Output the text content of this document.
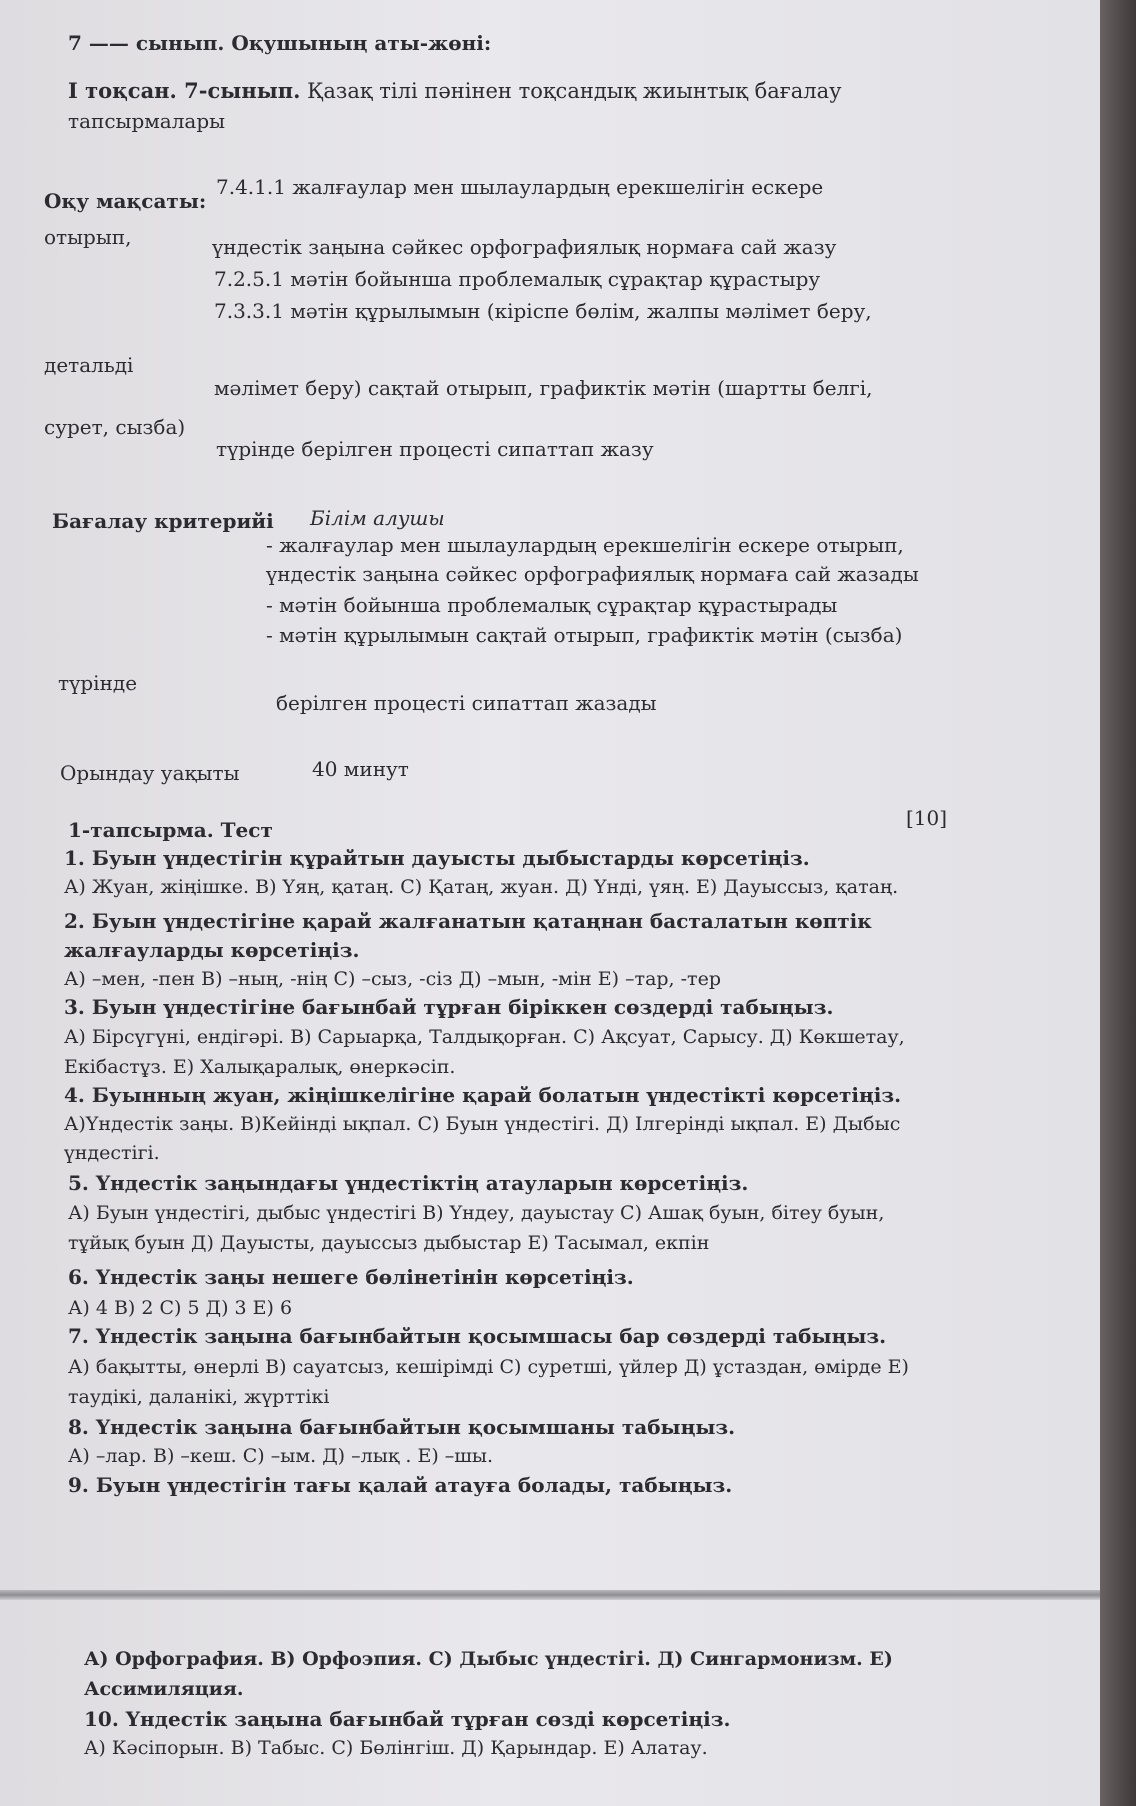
7 —— сынып. Оқушының аты-жөні:
I тоқсан. 7-сынып. Қазақ тілі пәнінен тоқсандық жиынтық бағалау
тапсырмалары
Оқу мақсаты:
7.4.1.1 жалғаулар мен шылаулардың ерекшелігін ескере
отырып,	үндестік заңына сәйкес орфографиялық нормаға сай жазу
7.2.5.1 мәтін бойынша проблемалық сұрақтар құрастыру
7.3.3.1 мәтін құрылымын (кіріспе бөлім, жалпы мәлімет беру,
детальді
мәлімет беру) сақтай отырып, графиктік мәтін (шартты белгі,
сурет, сызба)
түрінде берілген процесті сипаттап жазу
Бағалау критерийі Білім алушы
- жалғаулар мен шылаулардың ерекшелігін ескере отырып,
үндестік заңына сәйкес орфографиялық нормаға сай жазады
- мәтін бойынша проблемалық сұрақтар құрастырады
- мәтін құрылымын сақтай отырып, графиктік мәтін (сызба)
түрінде
берілген процесті сипаттап жазады
Орындау уақыты	40 минут
1-тапсырма. Тест	[10]
1. Буын үндестігін құрайтын дауысты дыбыстарды көрсетіңіз.
А) Жуан, жіңішке. В) Үяң, қатаң. С) Қатаң, жуан. Д) Үнді, үяң. Е) Дауыссыз, қатаң.
2. Буын үндестігіне қарай жалғанатын қатаңнан басталатын көптік
жалғауларды көрсетіңіз.
А) –мен, -пен В) –ның, -нің С) –сыз, -сіз Д) –мын, -мін Е) –тар, -тер
3. Буын үндестігіне бағынбай тұрған біріккен сөздерді табыңыз.
А) Бірсүгүні, ендігәрі. В) Сарыарқа, Талдықорған. С) Ақсуат, Сарысу. Д) Көкшетау,
Екібастұз. Е) Халықаралық, өнеркәсіп.
4. Буынның жуан, жіңішкелігіне қарай болатын үндестікті көрсетіңіз.
А)Үндестік заңы. В)Кейінді ықпал. С) Буын үндестігі. Д) Ілгерінді ықпал. Е) Дыбыс
үндестігі.
5. Үндестік заңындағы үндестіктің атауларын көрсетіңіз.
А) Буын үндестігі, дыбыс үндестігі В) Үндеу, дауыстау С) Ашақ буын, бітеу буын,
тұйық буын Д) Дауысты, дауыссыз дыбыстар Е) Тасымал, екпін
6. Үндестік заңы нешеге бөлінетінін көрсетіңіз.
А) 4 В) 2 С) 5 Д) 3 Е) 6
7. Үндестік заңына бағынбайтын қосымшасы бар сөздерді табыңыз.
А) бақытты, өнерлі В) сауатсыз, кешірімді С) суретші, үйлер Д) ұстаздан, өмірде Е)
таудікі, даланікі, жүрттікі
8. Үндестік заңына бағынбайтын қосымшаны табыңыз.
А) –лар. В) –кеш. С) –ым. Д) –лық . Е) –шы.
9. Буын үндестігін тағы қалай атауға болады, табыңыз.
А) Орфография. В) Орфоэпия. С) Дыбыс үндестігі. Д) Сингармонизм. Е)
Ассимиляция.
10. Үндестік заңына бағынбай тұрған сөзді көрсетіңіз.
А) Кәсіпорын. В) Табыс. С) Бөлінгіш. Д) Қарындар. Е) Алатау.
